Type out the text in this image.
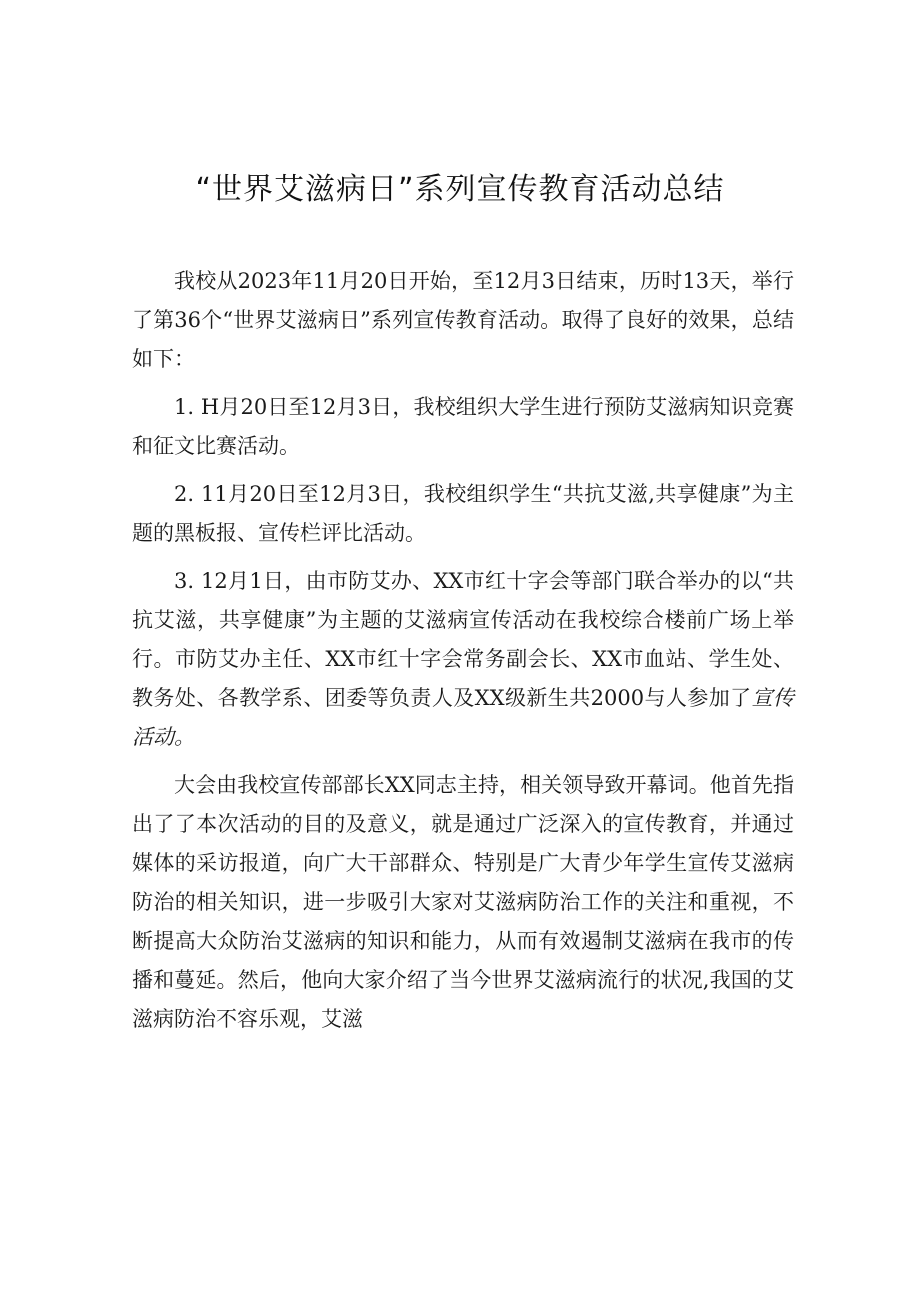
“世界艾滋病日”系列宣传教育活动总结

我校从2023年11月20日开始，至12月3日结束，历时13天，举行了第36个“世界艾滋病日”系列宣传教育活动。取得了良好的效果，总结如下：

1. H月20日至12月3日，我校组织大学生进行预防艾滋病知识竞赛和征文比赛活动。

2. 11月20日至12月3日，我校组织学生“共抗艾滋,共享健康”为主题的黑板报、宣传栏评比活动。

3. 12月1日，由市防艾办、XX市红十字会等部门联合举办的以“共抗艾滋，共享健康”为主题的艾滋病宣传活动在我校综合楼前广场上举行。市防艾办主任、XX市红十字会常务副会长、XX市血站、学生处、教务处、各教学系、团委等负责人及XX级新生共2000与人参加了宣传活动。

大会由我校宣传部部长XX同志主持，相关领导致开幕词。他首先指出了了本次活动的目的及意义，就是通过广泛深入的宣传教育，并通过媒体的采访报道，向广大干部群众、特别是广大青少年学生宣传艾滋病防治的相关知识，进一步吸引大家对艾滋病防治工作的关注和重视，不断提高大众防治艾滋病的知识和能力，从而有效遏制艾滋病在我市的传播和蔓延。然后，他向大家介绍了当今世界艾滋病流行的状况,我国的艾滋病防治不容乐观，艾滋
